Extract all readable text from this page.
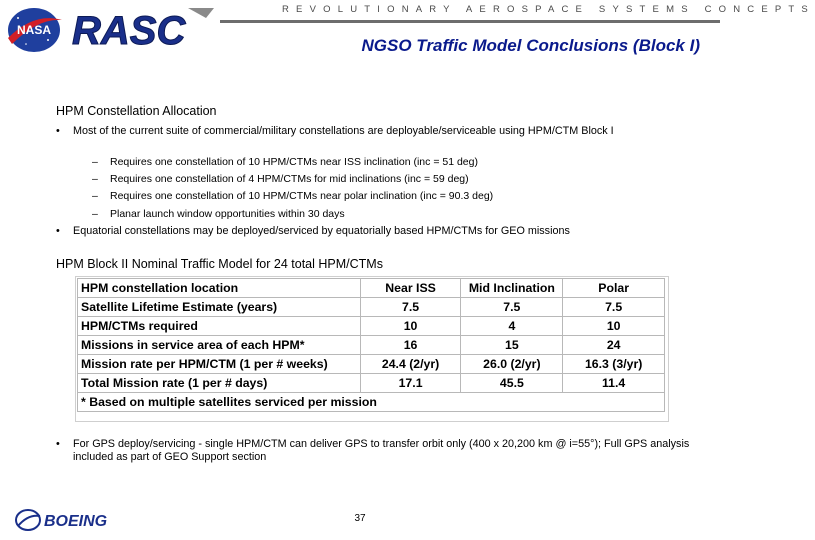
NASA RASC	REVOLUTIONARY AEROSPACE SYSTEMS CONCEPTS
NGSO Traffic Model Conclusions (Block I)
HPM Constellation Allocation
• Most of the current suite of commercial/military constellations are deployable/serviceable using HPM/CTM Block I
– Requires one constellation of 10 HPM/CTMs near ISS inclination (inc = 51 deg)
– Requires one constellation of 4 HPM/CTMs for mid inclinations (inc = 59 deg)
– Requires one constellation of 10 HPM/CTMs near polar inclination (inc = 90.3 deg)
– Planar launch window opportunities within 30 days
• Equatorial constellations may be deployed/serviced by equatorially based HPM/CTMs for GEO missions
HPM Block II Nominal Traffic Model for 24 total HPM/CTMs
HPM constellation location	Near ISS	Mid Inclination	Polar
Satellite Lifetime Estimate (years)	7.5	7.5	7.5
HPM/CTMs required	10	4	10
Missions in service area of each HPM*	16	15	24
Mission rate per HPM/CTM (1 per # weeks)	24.4 (2/yr)	26.0 (2/yr)	16.3 (3/yr)
Total Mission rate (1 per # days)	17.1	45.5	11.4
* Based on multiple satellites serviced per mission			
• For GPS deploy/servicing - single HPM/CTM can deliver GPS to transfer orbit only (400 x 20,200 km @ i=55°); Full GPS analysis included as part of GEO Support section
BOEING	37
